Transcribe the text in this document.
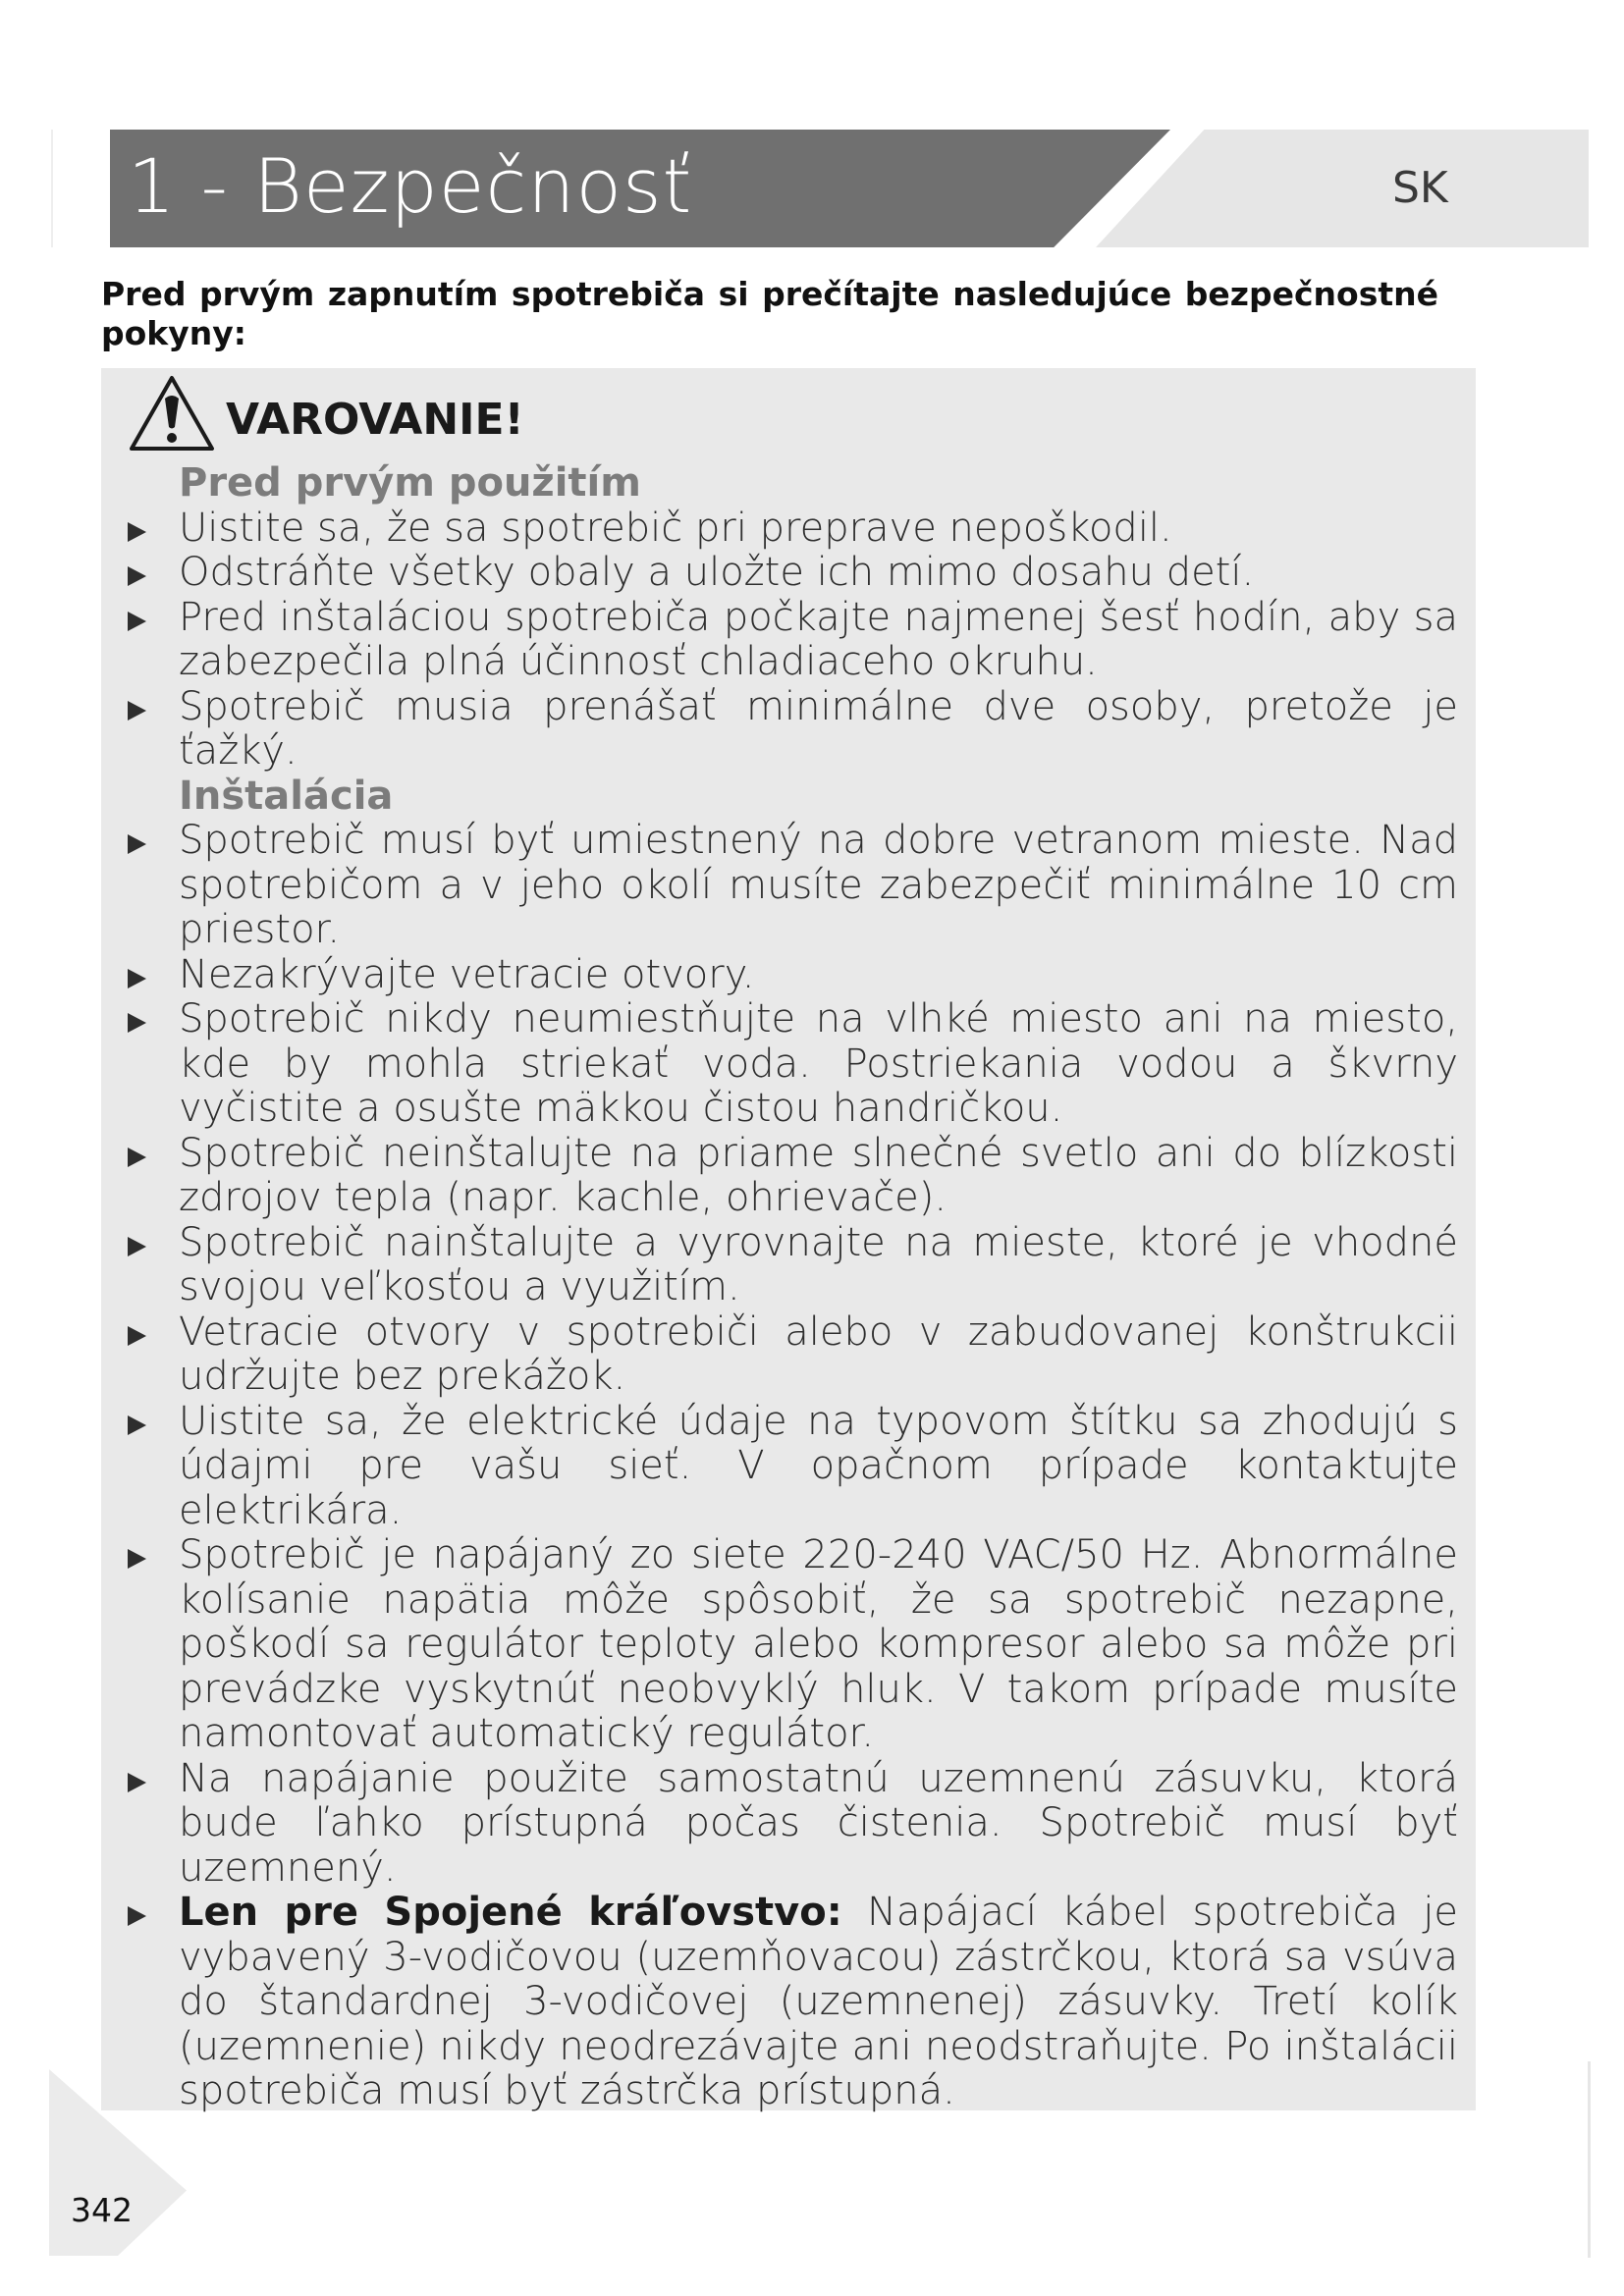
1 - Bezpečnosť	SK
Pred prvým zapnutím spotrebiča si prečítajte nasledujúce bezpečnostné pokyny:
VAROVANIE!
Pred prvým použitím
Uistite sa, že sa spotrebič pri preprave nepoškodil.
Odstráňte všetky obaly a uložte ich mimo dosahu detí.
Pred inštaláciou spotrebiča počkajte najmenej šesť hodín, aby sa zabezpečila plná účinnosť chladiaceho okruhu.
Spotrebič musia prenášať minimálne dve osoby, pretože je ťažký.
Inštalácia
Spotrebič musí byť umiestnený na dobre vetranom mieste. Nad spotrebičom a v jeho okolí musíte zabezpečiť minimálne 10 cm priestor.
Nezakrývajte vetracie otvory.
Spotrebič nikdy neumiestňujte na vlhké miesto ani na miesto, kde by mohla striekať voda. Postriekania vodou a škvrny vyčistite a osušte mäkkou čistou handričkou.
Spotrebič neinštalujte na priame slnečné svetlo ani do blízkosti zdrojov tepla (napr. kachle, ohrievače).
Spotrebič nainštalujte a vyrovnajte na mieste, ktoré je vhodné svojou veľkosťou a využitím.
Vetracie otvory v spotrebiči alebo v zabudovanej konštrukcii udržujte bez prekážok.
Uistite sa, že elektrické údaje na typovom štítku sa zhodujú s údajmi pre vašu sieť. V opačnom prípade kontaktujte elektrikára.
Spotrebič je napájaný zo siete 220-240 VAC/50 Hz. Abnormálne kolísanie napätia môže spôsobiť, že sa spotrebič nezapne, poškodí sa regulátor teploty alebo kompresor alebo sa môže pri prevádzke vyskytnúť neobvyklý hluk. V takom prípade musíte namontovať automatický regulátor.
Na napájanie použite samostatnú uzemnenú zásuvku, ktorá bude ľahko prístupná počas čistenia. Spotrebič musí byť uzemnený.
Len pre Spojené kráľovstvo: Napájací kábel spotrebiča je vybavený 3-vodičovou (uzemňovacou) zástrčkou, ktorá sa vsúva do štandardnej 3-vodičovej (uzemnenej) zásuvky. Tretí kolík (uzemnenie) nikdy neodrezávajte ani neodstraňujte. Po inštalácii spotrebiča musí byť zástrčka prístupná.
342
